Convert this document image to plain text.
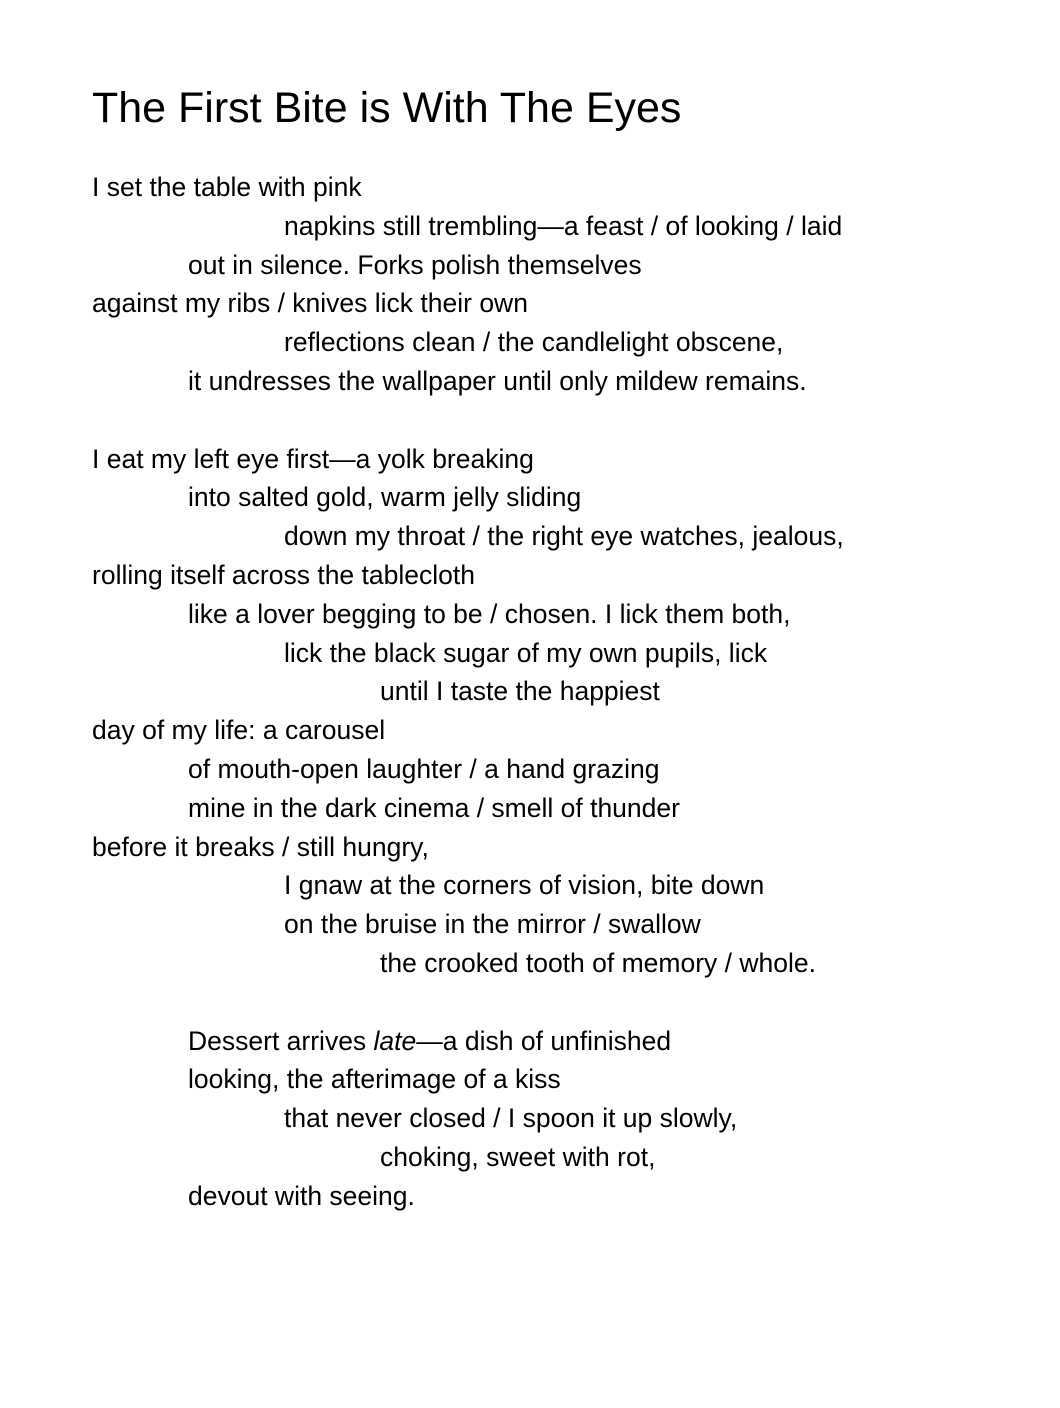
The First Bite is With The Eyes
I set the table with pink
napkins still trembling—a feast / of looking / laid
out in silence. Forks polish themselves
against my ribs / knives lick their own
reflections clean / the candlelight obscene,
it undresses the wallpaper until only mildew remains.
I eat my left eye first—a yolk breaking
into salted gold, warm jelly sliding
down my throat / the right eye watches, jealous,
rolling itself across the tablecloth
like a lover begging to be / chosen. I lick them both,
lick the black sugar of my own pupils, lick
until I taste the happiest
day of my life: a carousel
of mouth-open laughter / a hand grazing
mine in the dark cinema / smell of thunder
before it breaks / still hungry,
I gnaw at the corners of vision, bite down
on the bruise in the mirror / swallow
the crooked tooth of memory / whole.
Dessert arrives late—a dish of unfinished
looking, the afterimage of a kiss
that never closed / I spoon it up slowly,
choking, sweet with rot,
devout with seeing.
